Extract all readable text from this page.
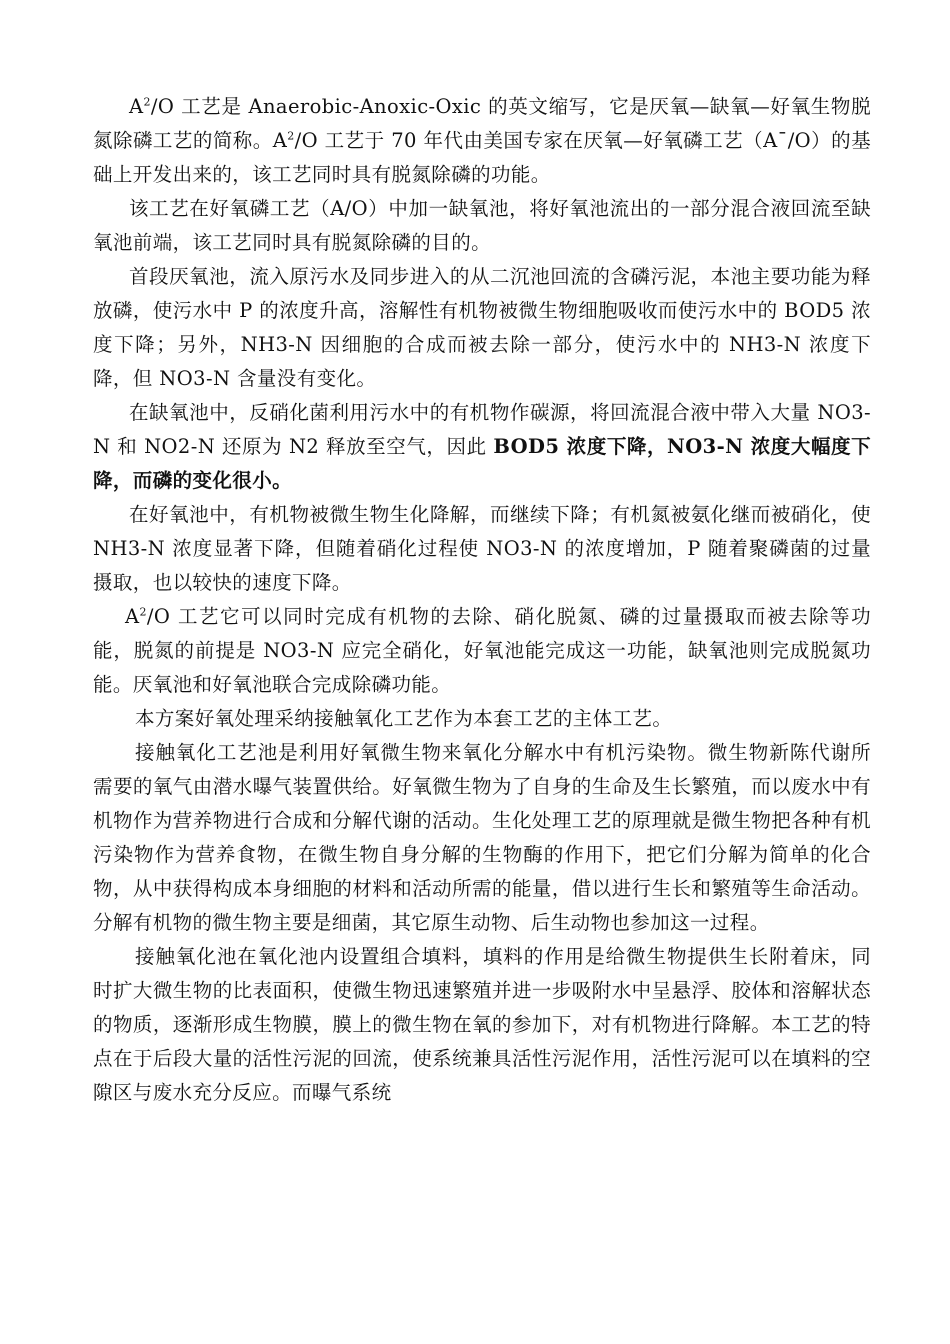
$A^2/O$ 工艺是 Anaerobic-Anoxic-Oxic 的英文缩写，它是厌氧—缺氧—好氧生物脱氮除磷工艺的简称。$A^2/O$ 工艺于 70 年代由美国专家在厌氧—好氧磷工艺（A¯/O）的基础上开发出来的，该工艺同时具有脱氮除磷的功能。

该工艺在好氧磷工艺（A/O）中加一缺氧池，将好氧池流出的一部分混合液回流至缺氧池前端，该工艺同时具有脱氮除磷的目的。

首段厌氧池，流入原污水及同步进入的从二沉池回流的含磷污泥，本池主要功能为释放磷，使污水中 P 的浓度升高，溶解性有机物被微生物细胞吸收而使污水中的 BOD5 浓度下降；另外，NH3-N 因细胞的合成而被去除一部分，使污水中的 NH3-N 浓度下降，但 NO3-N 含量没有变化。

在缺氧池中，反硝化菌利用污水中的有机物作碳源，将回流混合液中带入大量 NO3-N 和 NO2-N 还原为 N2 释放至空气，因此 BOD5 浓度下降，NO3-N 浓度大幅度下降，而磷的变化很小。

在好氧池中，有机物被微生物生化降解，而继续下降；有机氮被氨化继而被硝化，使 NH3-N 浓度显著下降，但随着硝化过程使 NO3-N 的浓度增加，P 随着聚磷菌的过量摄取，也以较快的速度下降。

$A^2/O$ 工艺它可以同时完成有机物的去除、硝化脱氮、磷的过量摄取而被去除等功能，脱氮的前提是 NO3-N 应完全硝化，好氧池能完成这一功能，缺氧池则完成脱氮功能。厌氧池和好氧池联合完成除磷功能。

本方案好氧处理采纳接触氧化工艺作为本套工艺的主体工艺。

接触氧化工艺池是利用好氧微生物来氧化分解水中有机污染物。微生物新陈代谢所需要的氧气由潜水曝气装置供给。好氧微生物为了自身的生命及生长繁殖，而以废水中有机物作为营养物进行合成和分解代谢的活动。生化处理工艺的原理就是微生物把各种有机污染物作为营养食物，在微生物自身分解的生物酶的作用下，把它们分解为简单的化合物，从中获得构成本身细胞的材料和活动所需的能量，借以进行生长和繁殖等生命活动。分解有机物的微生物主要是细菌，其它原生动物、后生动物也参加这一过程。

接触氧化池在氧化池内设置组合填料，填料的作用是给微生物提供生长附着床，同时扩大微生物的比表面积，使微生物迅速繁殖并进一步吸附水中呈悬浮、胶体和溶解状态的物质，逐渐形成生物膜，膜上的微生物在氧的参加下，对有机物进行降解。本工艺的特点在于后段大量的活性污泥的回流，使系统兼具活性污泥作用，活性污泥可以在填料的空隙区与废水充分反应。而曝气系统
